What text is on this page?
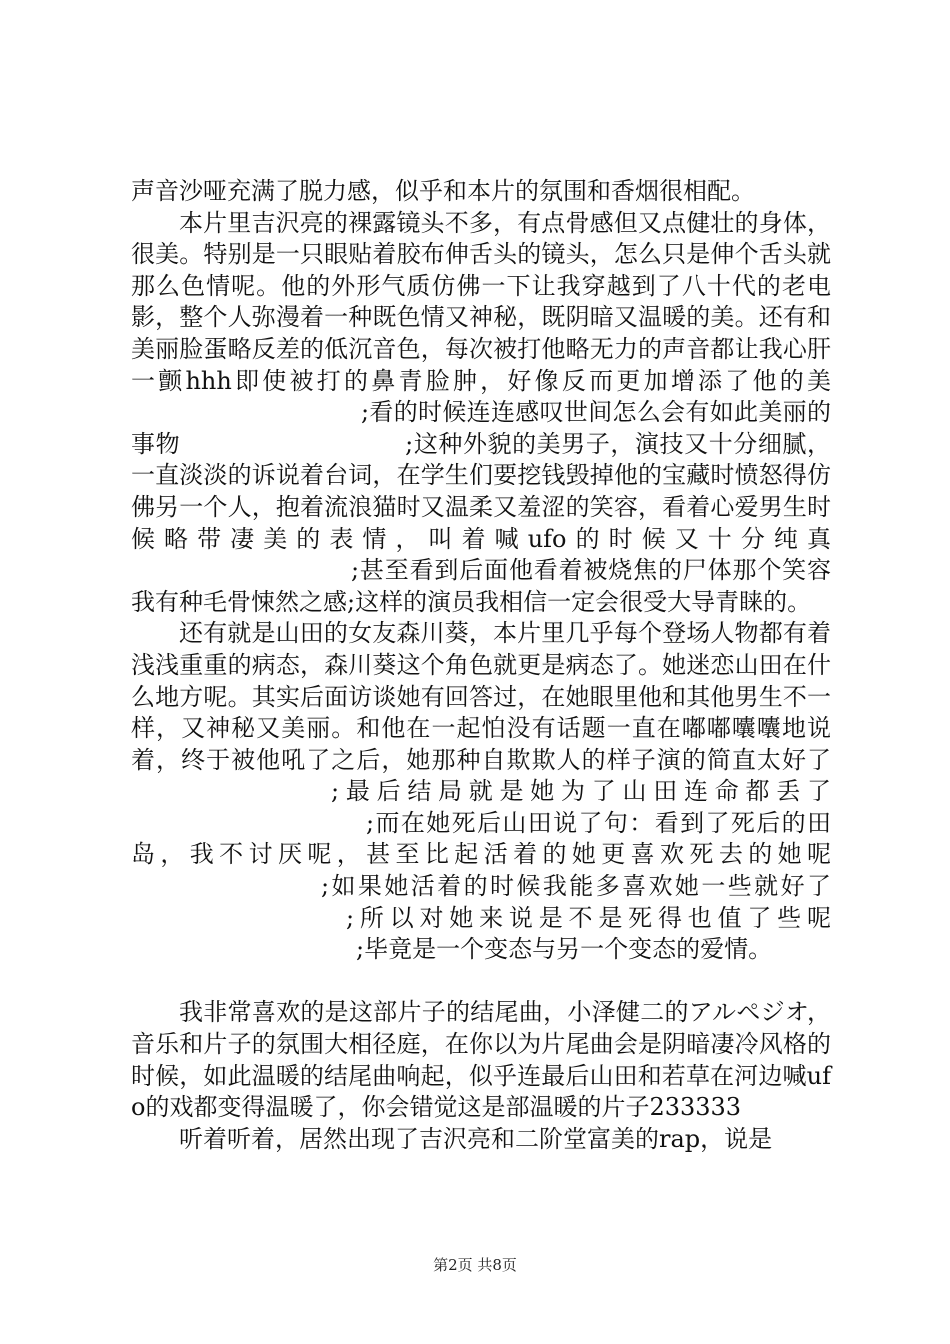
声音沙哑充满了脱力感，似乎和本片的氛围和香烟很相配。

本片里吉沢亮的裸露镜头不多，有点骨感但又点健壮的身体，很美。特别是一只眼贴着胶布伸舌头的镜头，怎么只是伸个舌头就那么色情呢。他的外形气质仿佛一下让我穿越到了八十代的老电影，整个人弥漫着一种既色情又神秘，既阴暗又温暖的美。还有和美丽脸蛋略反差的低沉音色，每次被打他略无力的声音都让我心肝一颤hhh即使被打的鼻青脸肿，好像反而更加增添了他的美;看的时候连连感叹世间怎么会有如此美丽的事物	;这种外貌的美男子，演技又十分细腻，一直淡淡的诉说着台词，在学生们要挖钱毁掉他的宝藏时愤怒得仿佛另一个人，抱着流浪猫时又温柔又羞涩的笑容，看着心爱男生时候略带凄美的表情，叫着喊ufo的时候又十分纯真;甚至看到后面他看着被烧焦的尸体那个笑容我有种毛骨悚然之感;这样的演员我相信一定会很受大导青睐的。

还有就是山田的女友森川葵，本片里几乎每个登场人物都有着浅浅重重的病态，森川葵这个角色就更是病态了。她迷恋山田在什么地方呢。其实后面访谈她有回答过，在她眼里他和其他男生不一样，又神秘又美丽。和他在一起怕没有话题一直在嘟嘟囔囔地说着，终于被他吼了之后，她那种自欺欺人的样子演的简直太好了;最后结局就是她为了山田连命都丢了;而在她死后山田说了句：看到了死后的田岛，我不讨厌呢，甚至比起活着的她更喜欢死去的她呢;如果她活着的时候我能多喜欢她一些就好了;所以对她来说是不是死得也值了些呢;毕竟是一个变态与另一个变态的爱情。

我非常喜欢的是这部片子的结尾曲，小泽健二的アルペジオ，音乐和片子的氛围大相径庭，在你以为片尾曲会是阴暗凄冷风格的时候，如此温暖的结尾曲响起，似乎连最后山田和若草在河边喊ufo的戏都变得温暖了，你会错觉这是部温暖的片子233333

听着听着，居然出现了吉沢亮和二阶堂富美的rap，说是

第2页 共8页
